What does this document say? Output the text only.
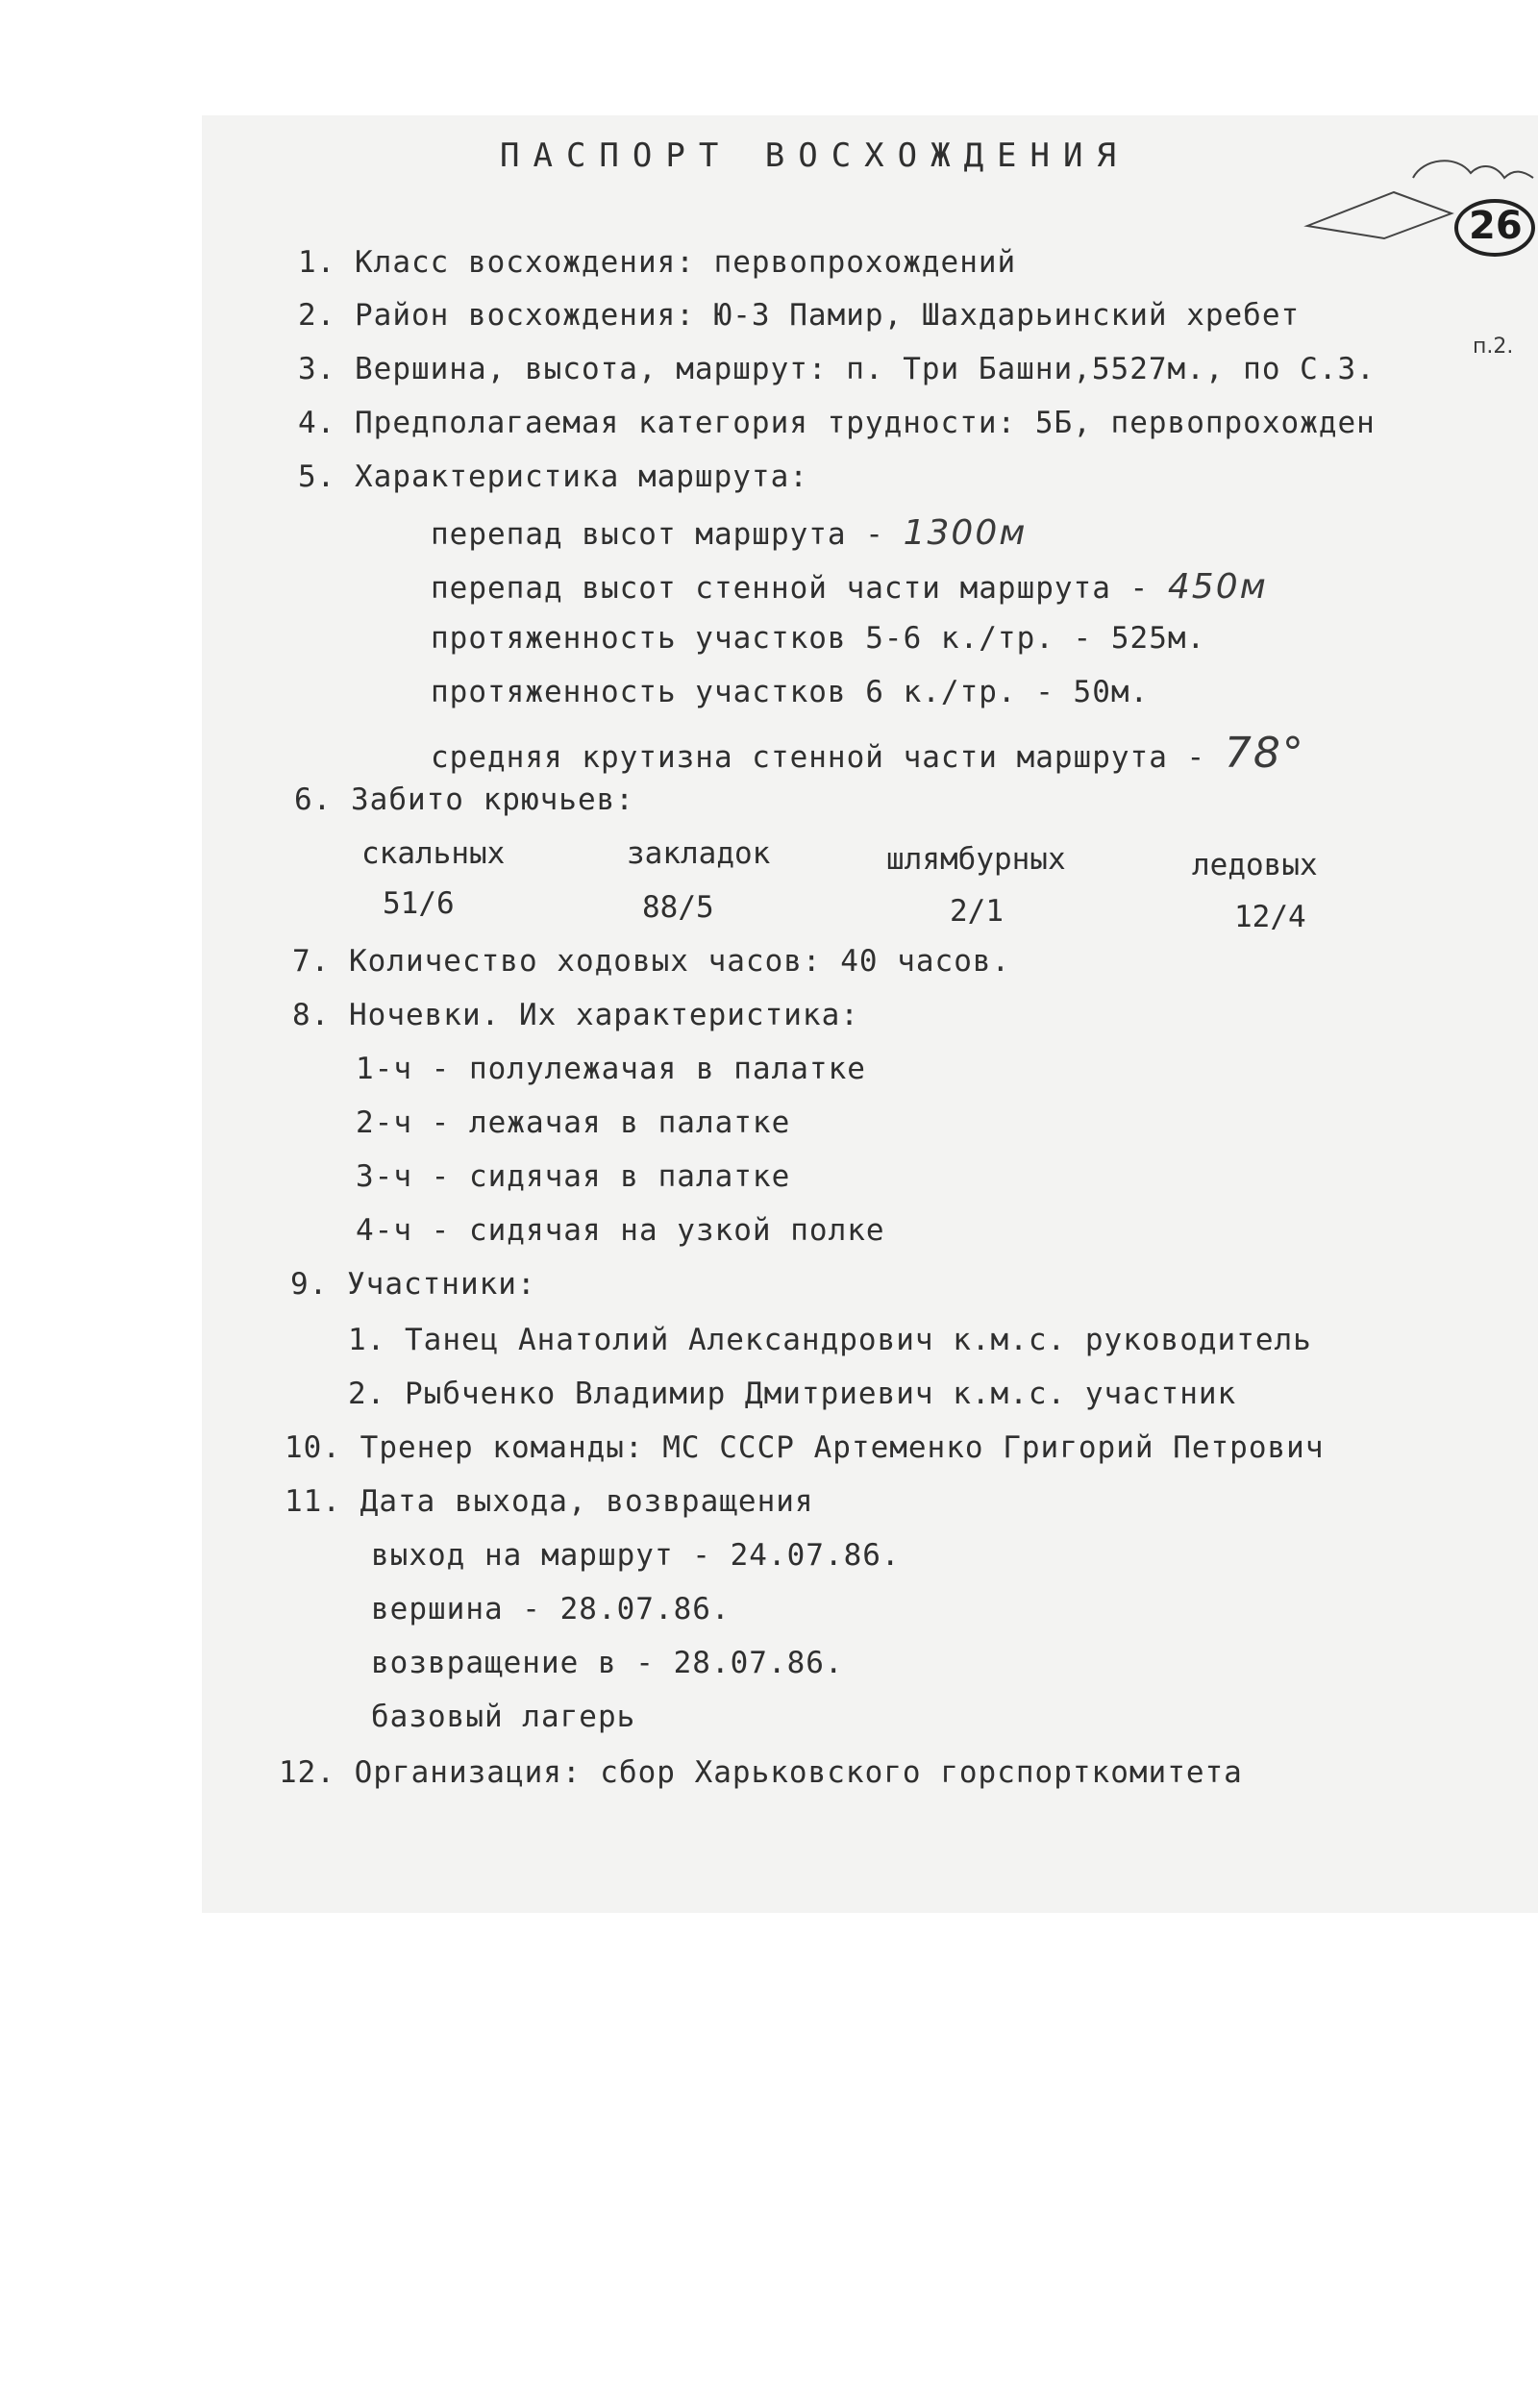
ПАСПОРТ ВОСХОЖДЕНИЯ
26
1. Класс восхождения: первопрохождений
2. Район восхождения: Ю-З Памир, Шахдарьинский хребет
п.2.
3. Вершина, высота, маршрут: п. Три Башни,5527м., по С.З.
4. Предполагаемая категория трудности: 5Б, первопрохожден
5. Характеристика маршрута:
перепад высот маршрута - 1300м
перепад высот стенной части маршрута - 450м
протяженность участков 5-6 к./тр. - 525м.
протяженность участков 6 к./тр. - 50м.
средняя крутизна стенной части маршрута - 78°
6. Забито крючьев:
скальных	закладок	шлямбурных	ледовых
51/6	88/5	2/1	12/4
7. Количество ходовых часов: 40 часов.
8. Ночевки. Их характеристика:
1-ч - полулежачая в палатке
2-ч - лежачая в палатке
3-ч - сидячая в палатке
4-ч - сидячая на узкой полке
9. Участники:
1. Танец Анатолий Александрович к.м.с. руководитель
2. Рыбченко Владимир Дмитриевич к.м.с. участник
10. Тренер команды: МС СССР Артеменко Григорий Петрович
11. Дата выхода, возвращения
выход на маршрут - 24.07.86.
вершина - 28.07.86.
возвращение в - 28.07.86.
базовый лагерь
12. Организация: сбор Харьковского горспорткомитета
